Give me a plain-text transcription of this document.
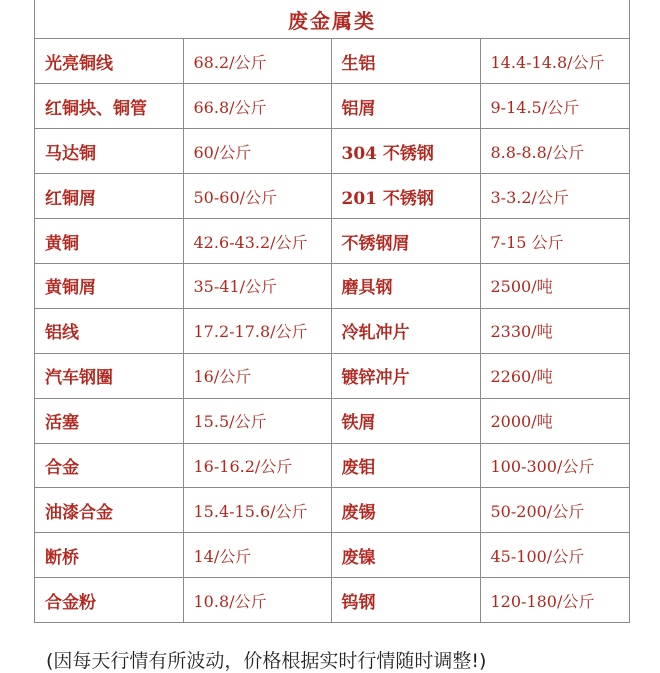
废金属类
光亮铜线	68.2/公斤	生铝	14.4-14.8/公斤
红铜块、铜管	66.8/公斤	铝屑	9-14.5/公斤
马达铜	60/公斤	304 不锈钢	8.8-8.8/公斤
红铜屑	50-60/公斤	201 不锈钢	3-3.2/公斤
黄铜	42.6-43.2/公斤	不锈钢屑	7-15 公斤
黄铜屑	35-41/公斤	磨具钢	2500/吨
铝线	17.2-17.8/公斤	冷轧冲片	2330/吨
汽车钢圈	16/公斤	镀锌冲片	2260/吨
活塞	15.5/公斤	铁屑	2000/吨
合金	16-16.2/公斤	废钼	100-300/公斤
油漆合金	15.4-15.6/公斤	废锡	50-200/公斤
断桥	14/公斤	废镍	45-100/公斤
合金粉	10.8/公斤	钨钢	120-180/公斤
(因每天行情有所波动，价格根据实时行情随时调整!)
